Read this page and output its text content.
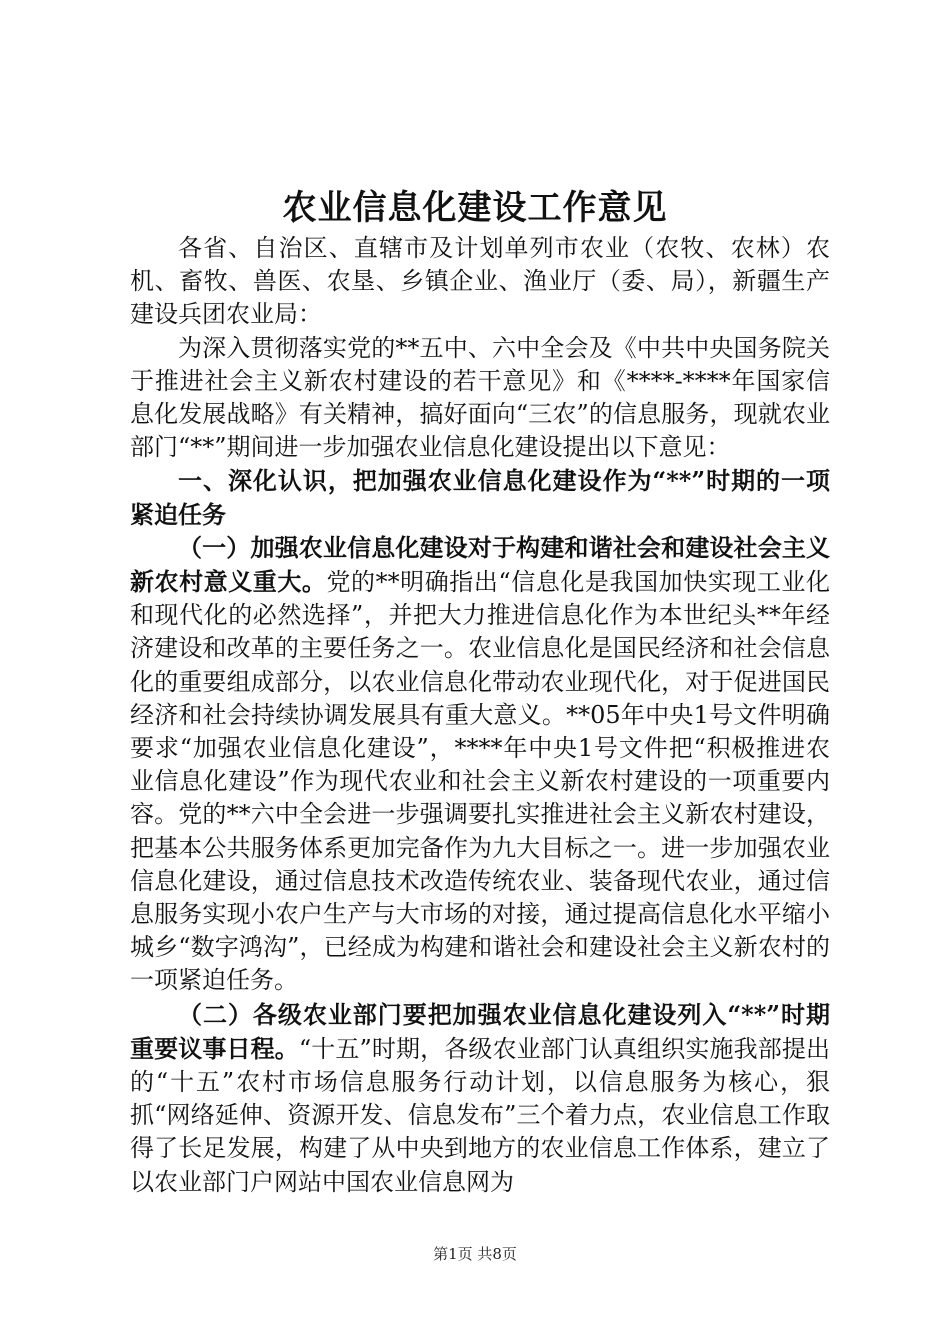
农业信息化建设工作意见

各省、自治区、直辖市及计划单列市农业（农牧、农林）农机、畜牧、兽医、农垦、乡镇企业、渔业厅（委、局），新疆生产建设兵团农业局：

为深入贯彻落实党的**五中、六中全会及《中共中央国务院关于推进社会主义新农村建设的若干意见》和《****-****年国家信息化发展战略》有关精神，搞好面向“三农”的信息服务，现就农业部门“**”期间进一步加强农业信息化建设提出以下意见：

一、深化认识，把加强农业信息化建设作为“**”时期的一项紧迫任务

（一）加强农业信息化建设对于构建和谐社会和建设社会主义新农村意义重大。党的**明确指出“信息化是我国加快实现工业化和现代化的必然选择”，并把大力推进信息化作为本世纪头**年经济建设和改革的主要任务之一。农业信息化是国民经济和社会信息化的重要组成部分，以农业信息化带动农业现代化，对于促进国民经济和社会持续协调发展具有重大意义。**05年中央1号文件明确要求“加强农业信息化建设”，****年中央1号文件把“积极推进农业信息化建设”作为现代农业和社会主义新农村建设的一项重要内容。党的**六中全会进一步强调要扎实推进社会主义新农村建设，把基本公共服务体系更加完备作为九大目标之一。进一步加强农业信息化建设，通过信息技术改造传统农业、装备现代农业，通过信息服务实现小农户生产与大市场的对接，通过提高信息化水平缩小城乡“数字鸿沟”，已经成为构建和谐社会和建设社会主义新农村的一项紧迫任务。

（二）各级农业部门要把加强农业信息化建设列入“**”时期重要议事日程。“十五”时期，各级农业部门认真组织实施我部提出的“十五”农村市场信息服务行动计划，以信息服务为核心，狠抓“网络延伸、资源开发、信息发布”三个着力点，农业信息工作取得了长足发展，构建了从中央到地方的农业信息工作体系，建立了以农业部门户网站中国农业信息网为

第1页 共8页
